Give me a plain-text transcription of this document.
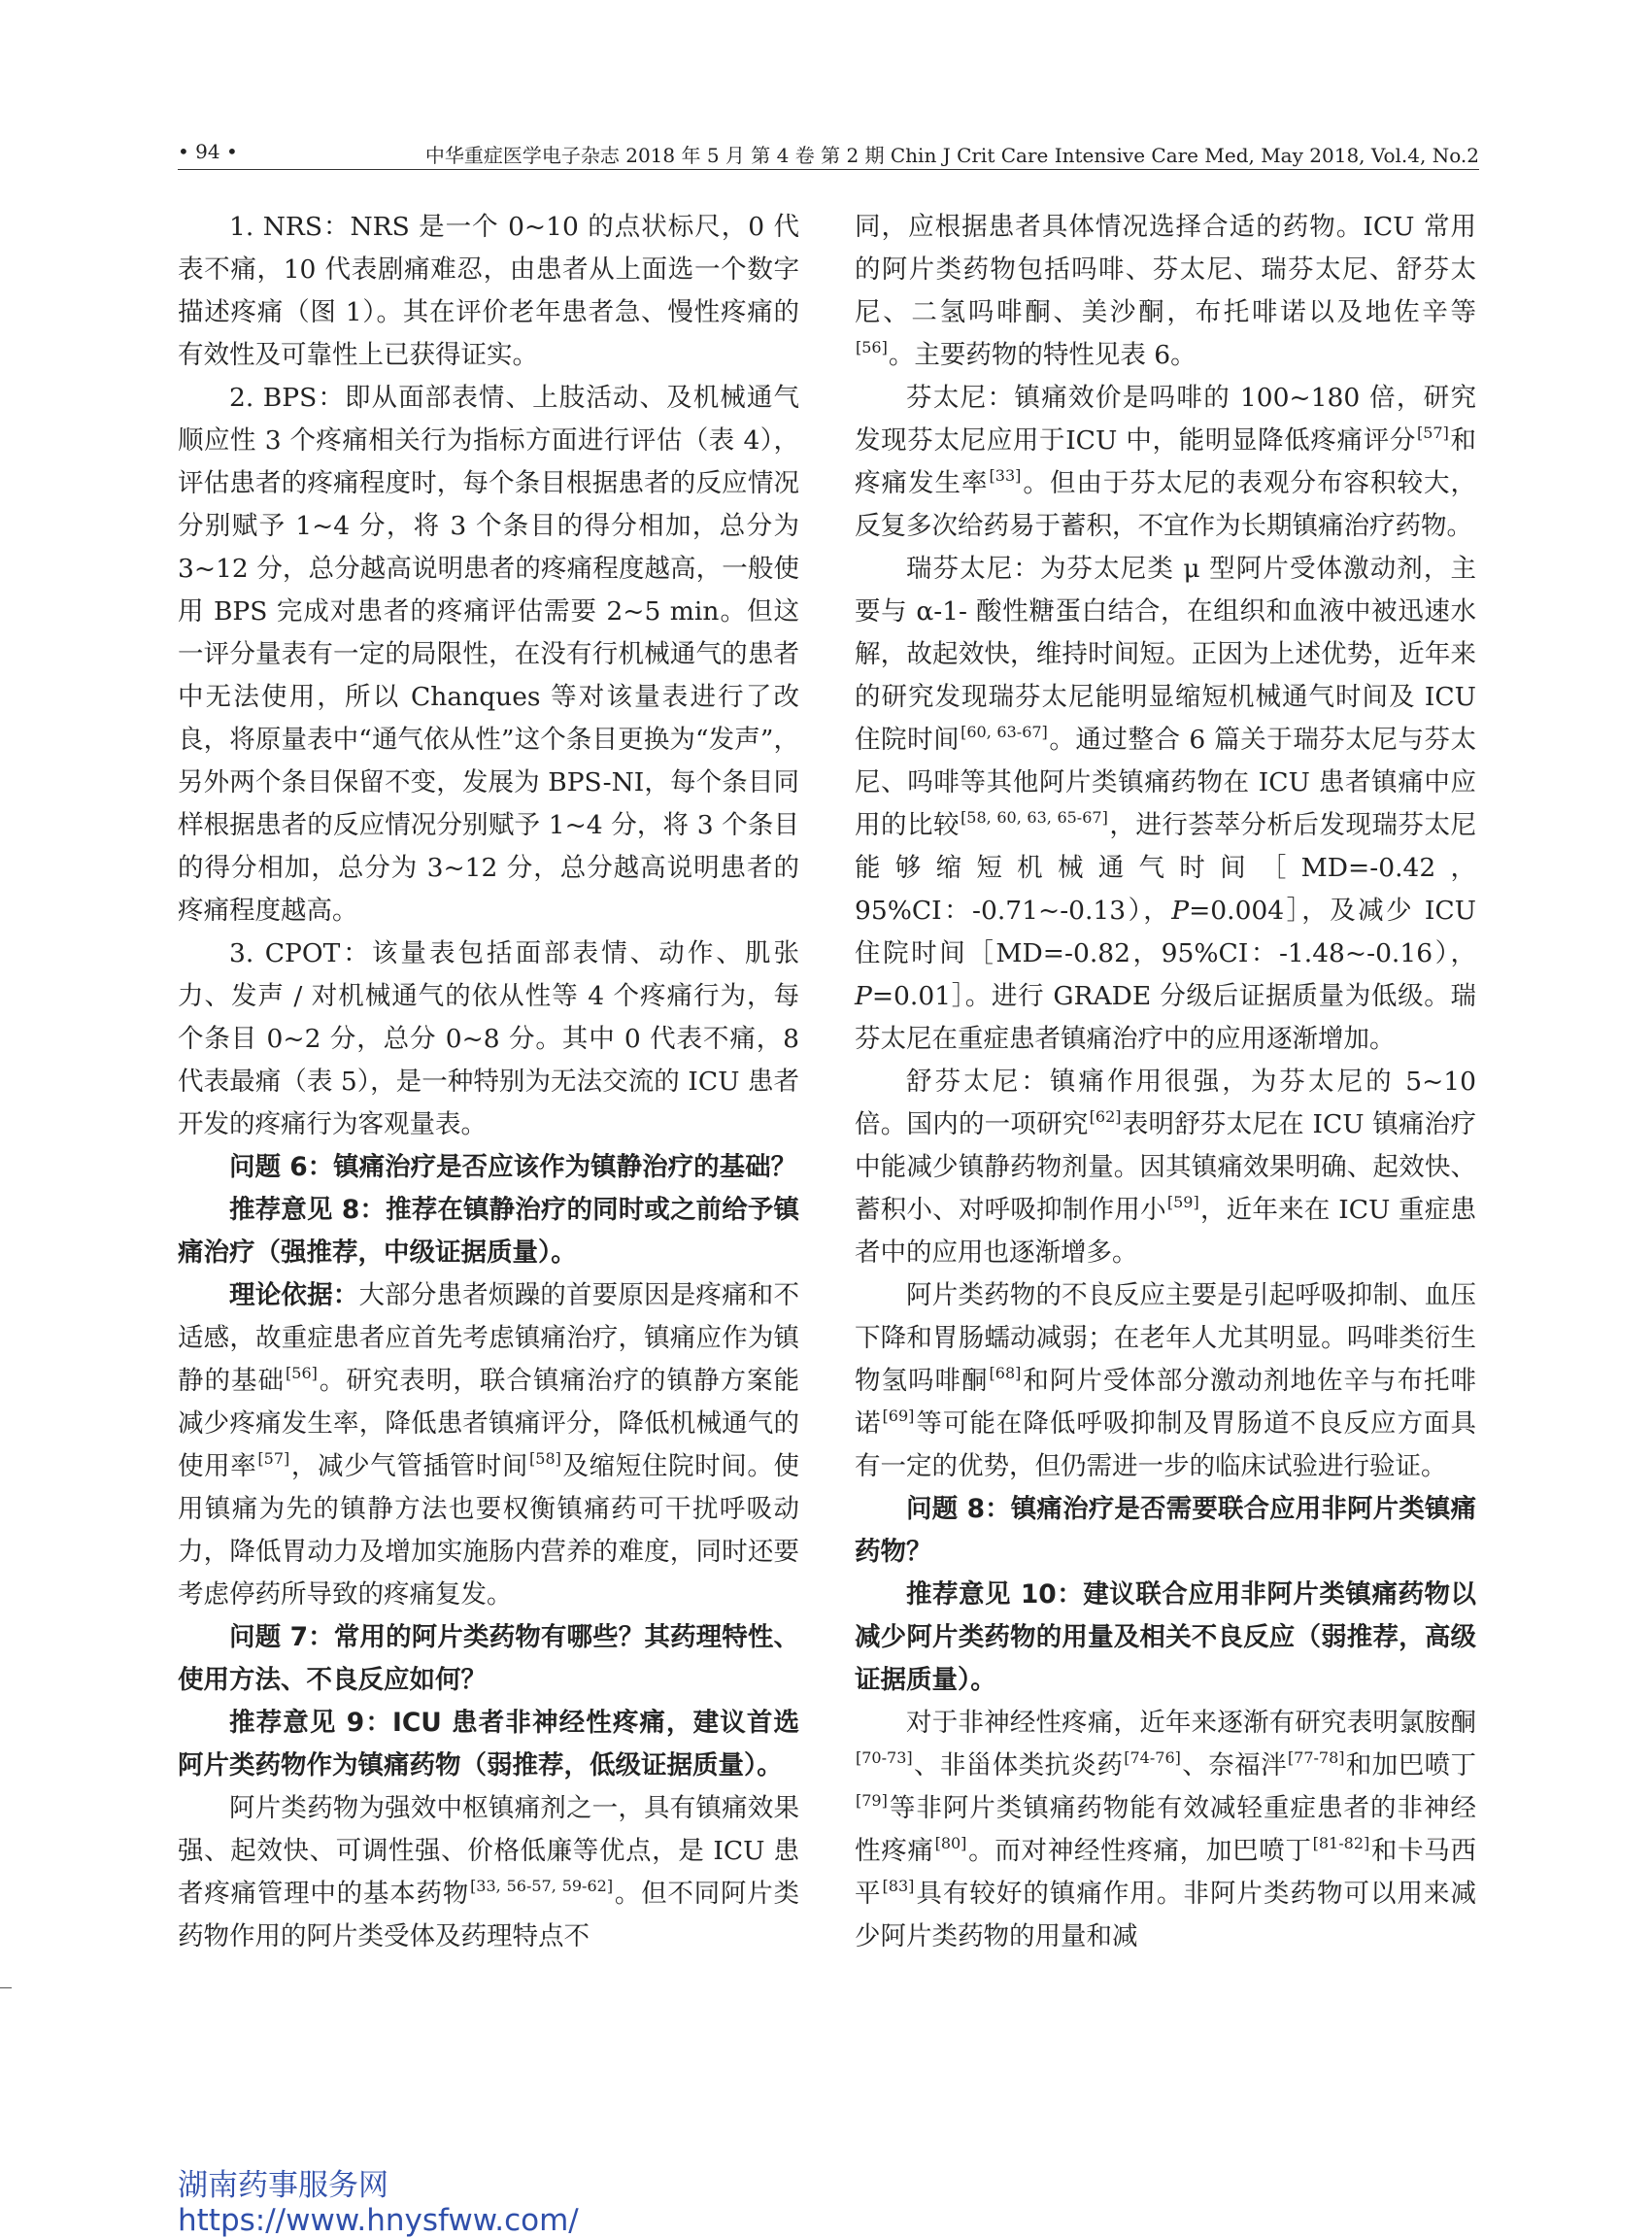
• 94 •	中华重症医学电子杂志 2018 年 5 月 第 4 卷 第 2 期 Chin J Crit Care Intensive Care Med, May 2018, Vol.4, No.2

1. NRS：NRS 是一个 0~10 的点状标尺，0 代表不痛，10 代表剧痛难忍，由患者从上面选一个数字描述疼痛（图 1）。其在评价老年患者急、慢性疼痛的有效性及可靠性上已获得证实。

2. BPS：即从面部表情、上肢活动、及机械通气顺应性 3 个疼痛相关行为指标方面进行评估（表 4），评估患者的疼痛程度时，每个条目根据患者的反应情况分别赋予 1~4 分，将 3 个条目的得分相加，总分为 3~12 分，总分越高说明患者的疼痛程度越高，一般使用 BPS 完成对患者的疼痛评估需要 2~5 min。但这一评分量表有一定的局限性，在没有行机械通气的患者中无法使用，所以 Chanques 等对该量表进行了改良，将原量表中“通气依从性”这个条目更换为“发声”，另外两个条目保留不变，发展为 BPS-NI，每个条目同样根据患者的反应情况分别赋予 1~4 分，将 3 个条目的得分相加，总分为 3~12 分，总分越高说明患者的疼痛程度越高。

3. CPOT：该量表包括面部表情、动作、肌张力、发声 / 对机械通气的依从性等 4 个疼痛行为，每个条目 0~2 分，总分 0~8 分。其中 0 代表不痛，8 代表最痛（表 5），是一种特别为无法交流的 ICU 患者开发的疼痛行为客观量表。

问题 6：镇痛治疗是否应该作为镇静治疗的基础？

推荐意见 8：推荐在镇静治疗的同时或之前给予镇痛治疗（强推荐，中级证据质量）。

理论依据：大部分患者烦躁的首要原因是疼痛和不适感，故重症患者应首先考虑镇痛治疗，镇痛应作为镇静的基础[56]。研究表明，联合镇痛治疗的镇静方案能减少疼痛发生率，降低患者镇痛评分，降低机械通气的使用率[57]，减少气管插管时间[58]及缩短住院时间。使用镇痛为先的镇静方法也要权衡镇痛药可干扰呼吸动力，降低胃动力及增加实施肠内营养的难度，同时还要考虑停药所导致的疼痛复发。

问题 7：常用的阿片类药物有哪些？其药理特性、使用方法、不良反应如何？

推荐意见 9：ICU 患者非神经性疼痛，建议首选阿片类药物作为镇痛药物（弱推荐，低级证据质量）。

阿片类药物为强效中枢镇痛剂之一，具有镇痛效果强、起效快、可调性强、价格低廉等优点，是 ICU 患者疼痛管理中的基本药物[33, 56-57, 59-62]。但不同阿片类药物作用的阿片类受体及药理特点不

同，应根据患者具体情况选择合适的药物。ICU 常用的阿片类药物包括吗啡、芬太尼、瑞芬太尼、舒芬太尼、二氢吗啡酮、美沙酮，布托啡诺以及地佐辛等[56]。主要药物的特性见表 6。

芬太尼：镇痛效价是吗啡的 100~180 倍，研究发现芬太尼应用于ICU 中，能明显降低疼痛评分[57]和疼痛发生率[33]。但由于芬太尼的表观分布容积较大，反复多次给药易于蓄积，不宜作为长期镇痛治疗药物。

瑞芬太尼：为芬太尼类 μ 型阿片受体激动剂，主要与 α-1- 酸性糖蛋白结合，在组织和血液中被迅速水解，故起效快，维持时间短。正因为上述优势，近年来的研究发现瑞芬太尼能明显缩短机械通气时间及 ICU 住院时间[60, 63-67]。通过整合 6 篇关于瑞芬太尼与芬太尼、吗啡等其他阿片类镇痛药物在 ICU 患者镇痛中应用的比较[58, 60, 63, 65-67]，进行荟萃分析后发现瑞芬太尼能够缩短机械通气时间［MD=-0.42，95%CI：-0.71~-0.13），P=0.004］，及减少 ICU 住院时间［MD=-0.82，95%CI：-1.48~-0.16），P=0.01］。进行 GRADE 分级后证据质量为低级。瑞芬太尼在重症患者镇痛治疗中的应用逐渐增加。

舒芬太尼：镇痛作用很强，为芬太尼的 5~10 倍。国内的一项研究[62]表明舒芬太尼在 ICU 镇痛治疗中能减少镇静药物剂量。因其镇痛效果明确、起效快、蓄积小、对呼吸抑制作用小[59]，近年来在 ICU 重症患者中的应用也逐渐增多。

阿片类药物的不良反应主要是引起呼吸抑制、血压下降和胃肠蠕动减弱；在老年人尤其明显。吗啡类衍生物氢吗啡酮[68]和阿片受体部分激动剂地佐辛与布托啡诺[69]等可能在降低呼吸抑制及胃肠道不良反应方面具有一定的优势，但仍需进一步的临床试验进行验证。

问题 8：镇痛治疗是否需要联合应用非阿片类镇痛药物？

推荐意见 10：建议联合应用非阿片类镇痛药物以减少阿片类药物的用量及相关不良反应（弱推荐，高级证据质量）。

对于非神经性疼痛，近年来逐渐有研究表明氯胺酮[70-73]、非甾体类抗炎药[74-76]、奈福泮[77-78]和加巴喷丁[79]等非阿片类镇痛药物能有效减轻重症患者的非神经性疼痛[80]。而对神经性疼痛，加巴喷丁[81-82]和卡马西平[83]具有较好的镇痛作用。非阿片类药物可以用来减少阿片类药物的用量和减

湖南药事服务网
https://www.hnysfww.com/
